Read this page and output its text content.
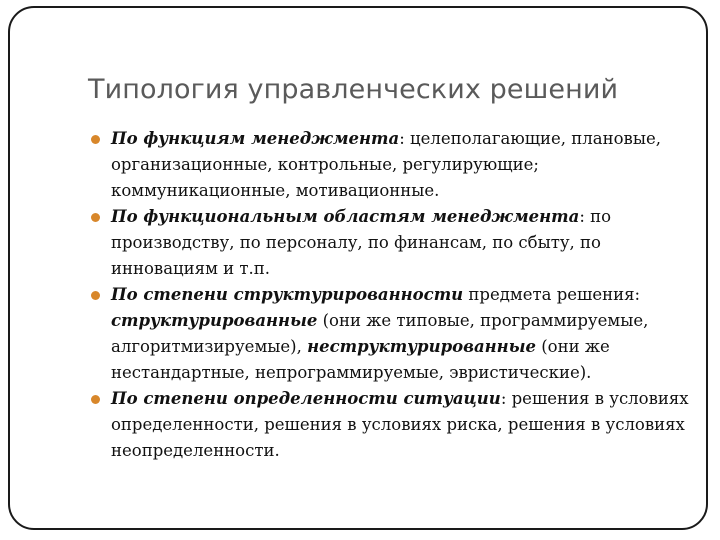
Типология управленческих решений
По функциям менеджмента: целеполагающие, плановые, организационные, контрольные, регулирующие; коммуникационные, мотивационные.
По функциональным областям менеджмента: по производству, по персоналу, по финансам, по сбыту, по инновациям и т.п.
По степени структурированности предмета решения: структурированные (они же типовые, программируемые, алгоритмизируемые), неструктурированные (они же нестандартные, непрограммируемые, эвристические).
По степени определенности ситуации: решения в условиях определенности, решения в условиях риска, решения в условиях неопределенности.
